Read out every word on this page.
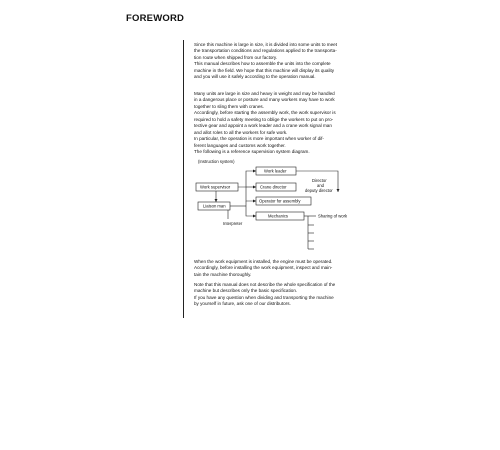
FOREWORD
Since this machine is large in size, it is divided into some units to meet
the transportation conditions and regulations applied to the transporta-
tion route when shipped from our factory.
This manual describes how to assemble the units into the complete
machine in the field. We hope that this machine will display its quality
and you will use it safely according to the operation manual.
Many units are large in size and heavy in weight and may be handled
in a dangerous place or posture and many workers may have to work
together to sling them with cranes.
Accordingly, before starting the assembly work, the work supervisor is
required to hold a safety meeting to oblige the workers to put on pro-
tective gear and appoint a work leader and a crane work signal man
and allot roles to all the workers for safe work.
In particular, the operation is more important when worker of dif-
ferent languages and customs work together.
The following is a reference supervision system diagram.
(Instruction system)
Work leader
Work supervisor	Crane director
Operator for assembly
Liaison man
Mechanics
Director
and
deputy director
Interpreter
Sharing of work
When the work equipment is installed, the engine must be operated.
Accordingly, before installing the work equipment, inspect and main-
tain the machine thoroughly.
Note that this manual does not describe the whole specification of the
machine but describes only the basic specification.
If you have any question when dividing and transporting the machine
by yourself in future, ask one of our distributors.
